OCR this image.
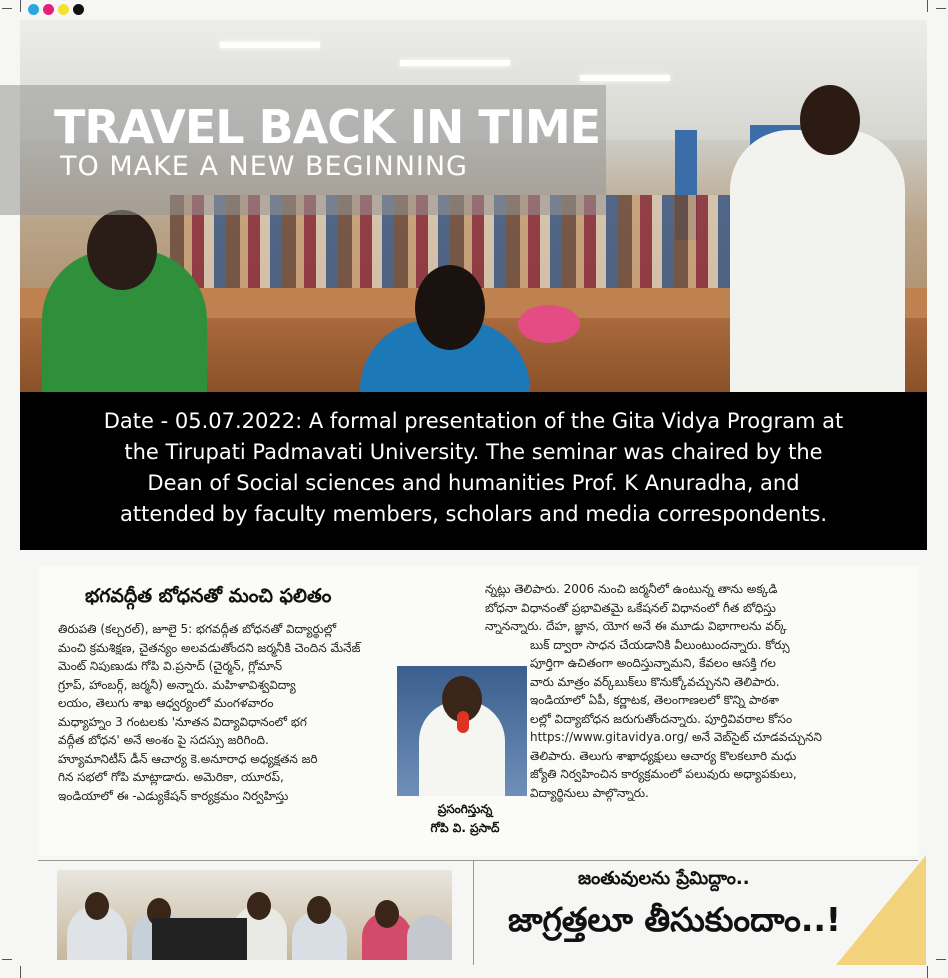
TRAVEL BACK IN TIME
TO MAKE A NEW BEGINNING
Date - 05.07.2022: A formal presentation of the Gita Vidya Program at
the Tirupati Padmavati University. The seminar was chaired by the
Dean of Social sciences and humanities Prof. K Anuradha, and
attended by faculty members, scholars and media correspondents.
భగవద్గీత బోధనతో మంచి ఫలితం
తిరుపతి (కల్చరల్), జూలై 5: భగవద్గీత బోధనతో విద్యార్థుల్లో
మంచి క్రమశిక్షణ, చైతన్యం అలవడుతోందని జర్మనీకి చెందిన మేనేజ్
మెంట్ నిపుణుడు గోపి వి.ప్రసాద్ (చైర్మన్, గ్లోమాన్
గ్రూప్, హాంబర్గ్, జర్మనీ) అన్నారు. మహిళావిశ్వవిద్యా
లయం, తెలుగు శాఖ ఆధ్వర్యంలో మంగళవారం
మధ్యాహ్నం 3 గంటలకు 'నూతన విద్యావిధానంలో భగ
వద్గీత బోధన' అనే అంశం పై సదస్సు జరిగింది.
హ్యూమానిటీస్ డీన్ ఆచార్య కె.అనూరాధ అధ్యక్షతన జరి
గిన సభలో గోపి మాట్లాడారు. అమెరికా, యూరప్,
ఇండియాలో ఈ -ఎడ్యుకేషన్ కార్యక్రమం నిర్వహిస్తు
ప్రసంగిస్తున్న
గోపి వి. ప్రసాద్
న్నట్లు తెలిపారు. 2006 నుంచి జర్మనీలో ఉంటున్న తాను అక్కడి
బోధనా విధానంతో ప్రభావితమై ఒకేషనల్ విధానంలో గీత బోధిస్తు
న్నానన్నారు. దేహ, జ్ఞాన, యోగ అనే ఈ మూడు విభాగాలను వర్క్
బుక్ ద్వారా సాధన చేయడానికి వీలుంటుందన్నారు. కోర్సు
పూర్తిగా ఉచితంగా అందిస్తున్నామని, కేవలం ఆసక్తి గల
వారు మాత్రం వర్క్‌బుక్‌లు కొనుక్కోవచ్చునని తెలిపారు.
ఇండియాలో ఏపీ, కర్ణాటక, తెలంగాణలలో కొన్ని పాఠశా
లల్లో విద్యాబోధన జరుగుతోందన్నారు. పూర్తివివరాల కోసం
https://www.gitavidya.org/ అనే వెబ్‌సైట్ చూడవచ్చునని
తెలిపారు. తెలుగు శాఖాధ్యక్షులు ఆచార్య కొలకలూరి మధు
జ్యోతి నిర్వహించిన కార్యక్రమంలో పలువురు అధ్యాపకులు,
విద్యార్థినులు పాల్గొన్నారు.
జంతువులను ప్రేమిద్దాం..
జాగ్రత్తలూ తీసుకుందాం..!
